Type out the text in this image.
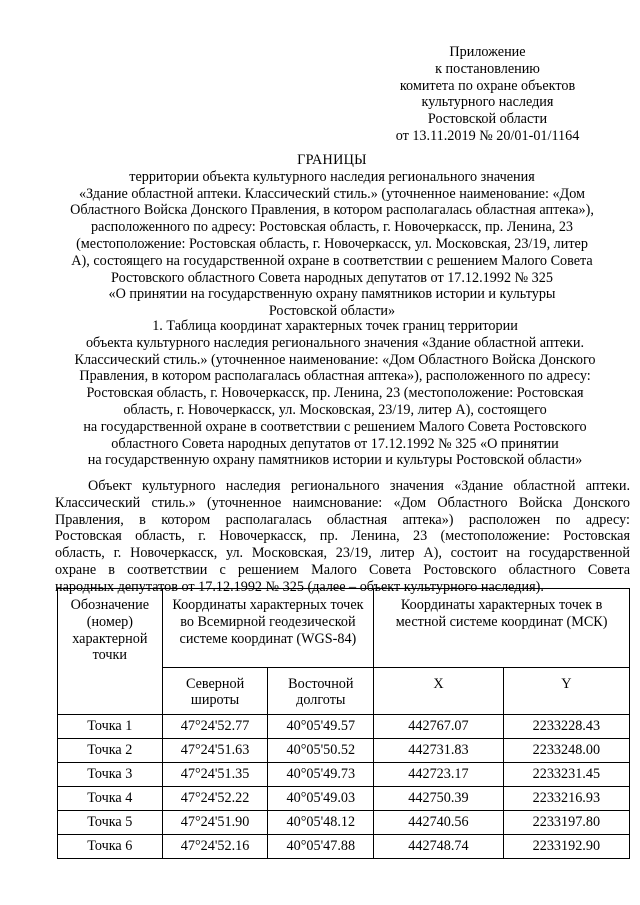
Приложение
к постановлению
комитета по охране объектов
культурного наследия
Ростовской области
от 13.11.2019 № 20/01-01/1164
ГРАНИЦЫ
территории объекта культурного наследия регионального значения
«Здание областной аптеки. Классический стиль.» (уточненное наименование: «Дом
Областного Войска Донского Правления, в котором располагалась областная аптека»),
расположенного по адресу: Ростовская область, г. Новочеркасск, пр. Ленина, 23
(местоположение: Ростовская область, г. Новочеркасск, ул. Московская, 23/19, литер
А), состоящего на государственной охране в соответствии с решением Малого Совета
Ростовского областного Совета народных депутатов от 17.12.1992 № 325
«О принятии на государственную охрану памятников истории и культуры
Ростовской области»
1. Таблица координат характерных точек границ территории
объекта культурного наследия регионального значения «Здание областной аптеки.
Классический стиль.» (уточненное наименование: «Дом Областного Войска Донского
Правления, в котором располагалась областная аптека»), расположенного по адресу:
Ростовская область, г. Новочеркасск, пр. Ленина, 23 (местоположение: Ростовская
область, г. Новочеркасск, ул. Московская, 23/19, литер А), состоящего
на государственной охране в соответствии с решением Малого Совета Ростовского
областного Совета народных депутатов от 17.12.1992 № 325 «О принятии
на государственную охрану памятников истории и культуры Ростовской области»
Объект культурного наследия регионального значения «Здание областной аптеки.
Классический стиль.» (уточненное наимснование: «Дом Областного Войска Донского
Правления, в котором располагалась областная аптека») расположен по адресу:
Ростовская область, г. Новочеркасск, пр. Ленина, 23 (местоположение: Ростовская
область, г. Новочеркасск, ул. Московская, 23/19, литер А), состоит на государственной
охране в соответствии с решением Малого Совета Ростовского областного Совета
народных депутатов от 17.12.1992 № 325 (далее – объект культурного наследия).
Обозначение (номер) характерной точки	Координаты характерных точек во Всемирной геодезической системе координат (WGS-84)		Координаты характерных точек в местной системе координат (МСК)	
	Северной широты	Восточной долготы	X	Y
Точка 1	47°24'52.77	40°05'49.57	442767.07	2233228.43
Точка 2	47°24'51.63	40°05'50.52	442731.83	2233248.00
Точка 3	47°24'51.35	40°05'49.73	442723.17	2233231.45
Точка 4	47°24'52.22	40°05'49.03	442750.39	2233216.93
Точка 5	47°24'51.90	40°05'48.12	442740.56	2233197.80
Точка 6	47°24'52.16	40°05'47.88	442748.74	2233192.90
